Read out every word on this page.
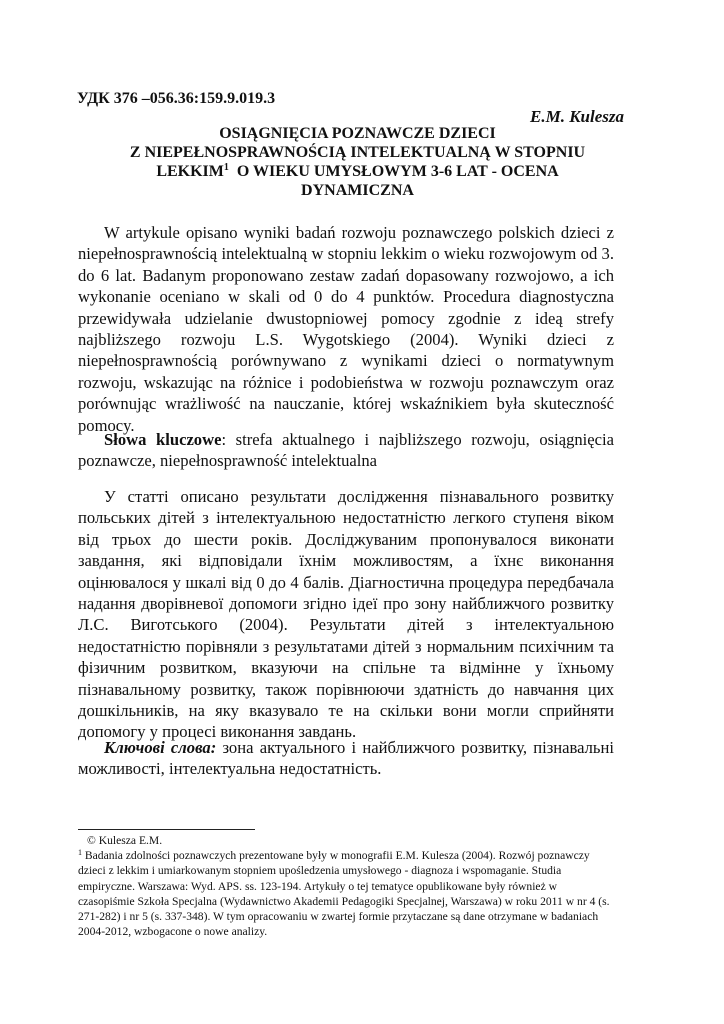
УДК 376 –056.36:159.9.019.3
E.M. Kulesza
OSIĄGNIĘCIA POZNAWCZE DZIECI
Z NIEPEŁNOSPRAWNOŚCIĄ INTELEKTUALNĄ W STOPNIU
LEKKIM$^1$  O WIEKU UMYSŁOWYM 3-6 LAT - OCENA
DYNAMICZNA
W artykule opisano wyniki badań rozwoju poznawczego polskich dzieci z niepełnosprawnością intelektualną w stopniu lekkim o wieku rozwojowym od 3. do 6 lat. Badanym proponowano zestaw zadań dopasowany rozwojowo, a ich wykonanie oceniano w skali od 0 do 4 punktów. Procedura diagnostyczna przewidywała udzielanie dwustopniowej pomocy zgodnie z ideą strefy najbliższego rozwoju L.S. Wygotskiego (2004). Wyniki dzieci z niepełnosprawnością porównywano z wynikami dzieci o normatywnym rozwoju, wskazując na różnice i podobieństwa w rozwoju poznawczym oraz porównując wrażliwość na nauczanie, której wskaźnikiem była skuteczność pomocy.
Słowa kluczowe: strefa aktualnego i najbliższego rozwoju, osiągnięcia poznawcze, niepełnosprawność intelektualna
У статті описано результати дослідження пізнавального розвитку польських дітей з інтелектуальною недостатністю легкого ступеня віком від трьох до шести років. Досліджуваним пропонувалося виконати завдання, які відповідали їхнім можливостям, а їхнє виконання оцінювалося у шкалі від 0 до 4 балів. Діагностична процедура передбачала надання дворівневої допомоги згідно ідеї про зону найближчого розвитку Л.С. Виготського (2004). Результати дітей з інтелектуальною недостатністю порівняли з результатами дітей з нормальним психічним та фізичним розвитком, вказуючи на спільне та відмінне у їхньому пізнавальному розвитку, також порівнюючи здатність до навчання цих дошкільників, на яку вказувало те на скільки вони могли сприйняти допомогу у процесі виконання завдань.
Ключові слова: зона актуального і найближчого розвитку, пізнавальні можливості, інтелектуальна недостатність.
© Kulesza E.M.
$^1$ Badania zdolności poznawczych prezentowane były w monografii E.M. Kulesza (2004). Rozwój poznawczy dzieci z lekkim i umiarkowanym stopniem upośledzenia umysłowego - diagnoza i wspomaganie. Studia empiryczne. Warszawa: Wyd. APS. ss. 123-194. Artykuły o tej tematyce opublikowane były również w czasopiśmie Szkoła Specjalna (Wydawnictwo Akademii Pedagogiki Specjalnej, Warszawa) w roku 2011 w nr 4 (s. 271-282) i nr 5 (s. 337-348). W tym opracowaniu w zwartej formie przytaczane są dane otrzymane w badaniach 2004-2012, wzbogacone o nowe analizy.
